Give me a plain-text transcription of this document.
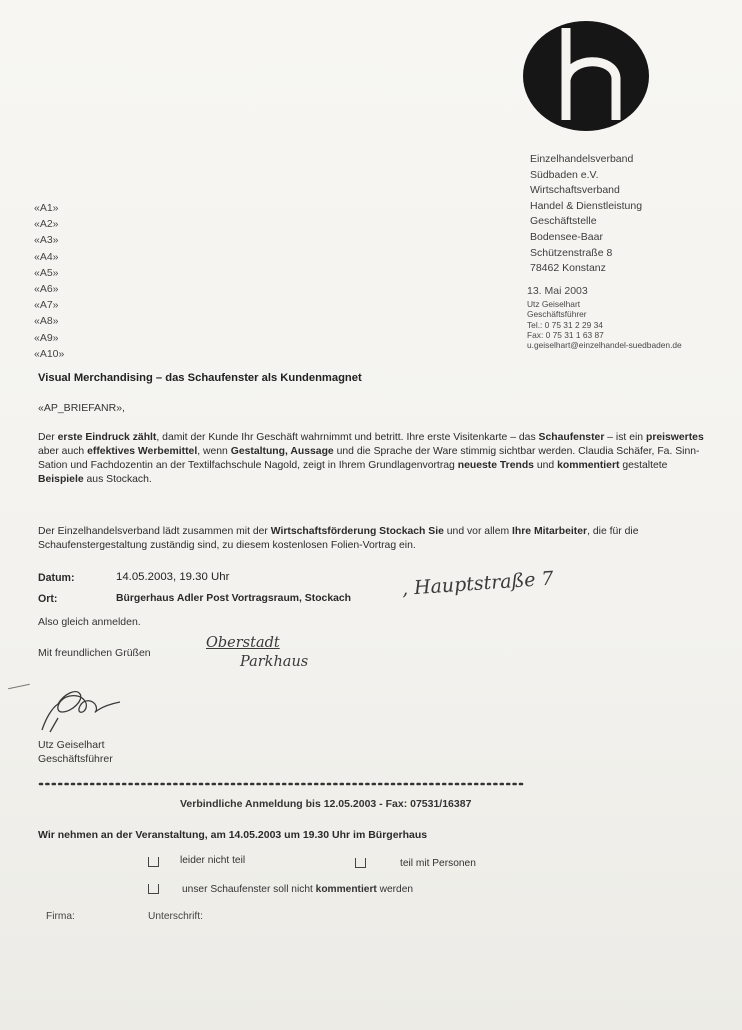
Einzelhandelsverband
Südbaden e.V.
Wirtschaftsverband
Handel & Dienstleistung
Geschäftstelle
Bodensee-Baar
Schützenstraße 8
78462 Konstanz
13. Mai 2003
Utz Geiselhart
Geschäftsführer
Tel.: 0 75 31 2 29 34
Fax: 0 75 31 1 63 87
u.geiselhart@einzelhandel-suedbaden.de
«A1»
«A2»
«A3»
«A4»
«A5»
«A6»
«A7»
«A8»
«A9»
«A10»
Visual Merchandising – das Schaufenster als Kundenmagnet
«AP_BRIEFANR»,
Der erste Eindruck zählt, damit der Kunde Ihr Geschäft wahrnimmt und betritt. Ihre erste Visitenkarte – das Schaufenster – ist ein preiswertes aber auch effektives Werbemittel, wenn Gestaltung, Aussage und die Sprache der Ware stimmig sichtbar werden. Claudia Schäfer, Fa. Sinn-Sation und Fachdozentin an der Textilfachschule Nagold, zeigt in Ihrem Grundlagenvortrag neueste Trends und kommentiert gestaltete Beispiele aus Stockach.
Der Einzelhandelsverband lädt zusammen mit der Wirtschaftsförderung Stockach Sie und vor allem Ihre Mitarbeiter, die für die Schaufenstergestaltung zuständig sind, zu diesem kostenlosen Folien-Vortrag ein.
Datum:	14.05.2003, 19.30 Uhr
Ort:	Bürgerhaus Adler Post Vortragsraum, Stockach	, Hauptstraße 7
Also gleich anmelden.
Mit freundlichen Grüßen
Oberstadt
Parkhaus
Utz Geiselhart
Geschäftsführer
Verbindliche Anmeldung bis 12.05.2003 - Fax: 07531/16387
Wir nehmen an der Veranstaltung, am 14.05.2003 um 19.30 Uhr im Bürgerhaus
leider nicht teil	teil mit Personen
unser Schaufenster soll nicht kommentiert werden
Firma:	Unterschrift:
